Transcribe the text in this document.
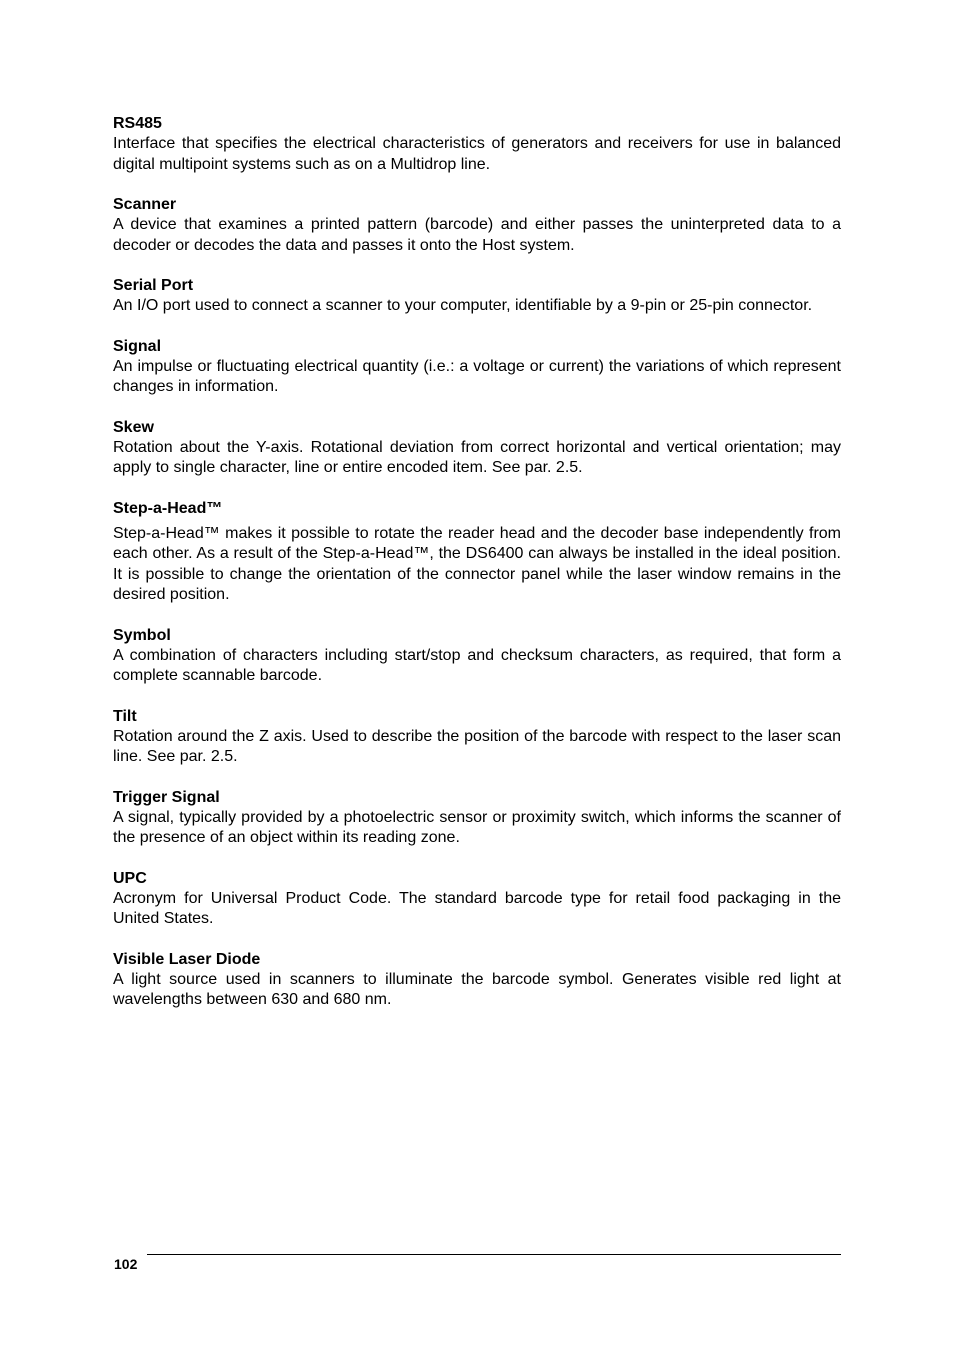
RS485

Interface that specifies the electrical characteristics of generators and receivers for use in balanced digital multipoint systems such as on a Multidrop line.

Scanner

A device that examines a printed pattern (barcode) and either passes the uninterpreted data to a decoder or decodes the data and passes it onto the Host system.

Serial Port

An I/O port used to connect a scanner to your computer, identifiable by a 9-pin or 25-pin connector.

Signal

An impulse or fluctuating electrical quantity (i.e.: a voltage or current) the variations of which represent changes in information.

Skew

Rotation about the Y-axis. Rotational deviation from correct horizontal and vertical orientation; may apply to single character, line or entire encoded item. See par. 2.5.

Step-a-Head™

Step-a-Head™ makes it possible to rotate the reader head and the decoder base independently from each other. As a result of the Step-a-Head™, the DS6400 can always be installed in the ideal position. It is possible to change the orientation of the connector panel while the laser window remains in the desired position.

Symbol

A combination of characters including start/stop and checksum characters, as required, that form a complete scannable barcode.

Tilt

Rotation around the Z axis. Used to describe the position of the barcode with respect to the laser scan line. See par. 2.5.

Trigger Signal

A signal, typically provided by a photoelectric sensor or proximity switch, which informs the scanner of the presence of an object within its reading zone.

UPC

Acronym for Universal Product Code. The standard barcode type for retail food packaging in the United States.

Visible Laser Diode

A light source used in scanners to illuminate the barcode symbol. Generates visible red light at wavelengths between 630 and 680 nm.

102
